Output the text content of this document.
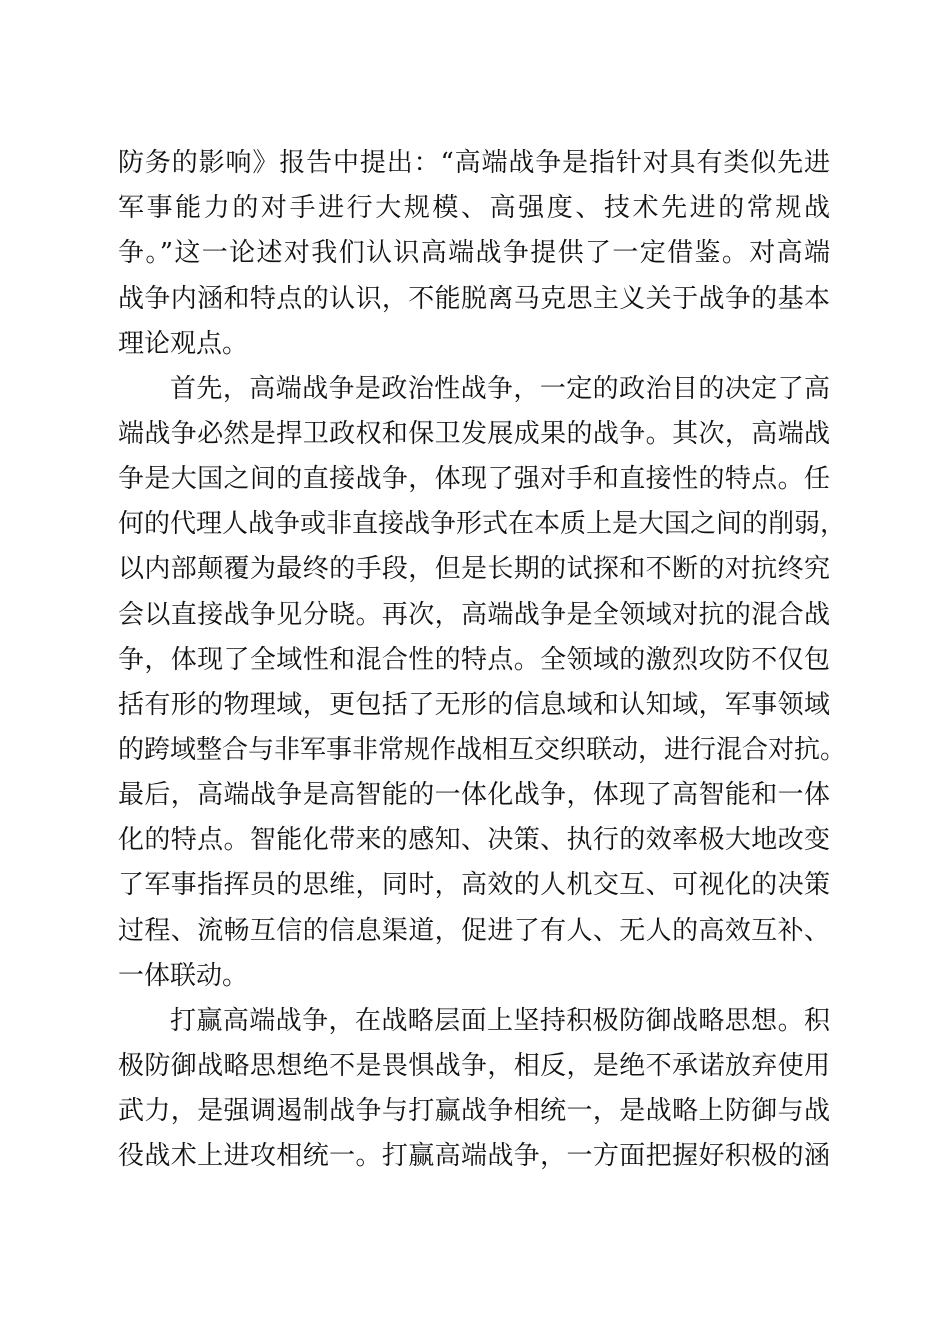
防务的影响》报告中提出：“高端战争是指针对具有类似先进
军事能力的对手进行大规模、高强度、技术先进的常规战
争。”这一论述对我们认识高端战争提供了一定借鉴。对高端
战争内涵和特点的认识，不能脱离马克思主义关于战争的基本
理论观点。
首先，高端战争是政治性战争，一定的政治目的决定了高
端战争必然是捍卫政权和保卫发展成果的战争。其次，高端战
争是大国之间的直接战争，体现了强对手和直接性的特点。任
何的代理人战争或非直接战争形式在本质上是大国之间的削弱，
以内部颠覆为最终的手段，但是长期的试探和不断的对抗终究
会以直接战争见分晓。再次，高端战争是全领域对抗的混合战
争，体现了全域性和混合性的特点。全领域的激烈攻防不仅包
括有形的物理域，更包括了无形的信息域和认知域，军事领域
的跨域整合与非军事非常规作战相互交织联动，进行混合对抗。
最后，高端战争是高智能的一体化战争，体现了高智能和一体
化的特点。智能化带来的感知、决策、执行的效率极大地改变
了军事指挥员的思维，同时，高效的人机交互、可视化的决策
过程、流畅互信的信息渠道，促进了有人、无人的高效互补、
一体联动。
打赢高端战争，在战略层面上坚持积极防御战略思想。积
极防御战略思想绝不是畏惧战争，相反，是绝不承诺放弃使用
武力，是强调遏制战争与打赢战争相统一，是战略上防御与战
役战术上进攻相统一。打赢高端战争，一方面把握好积极的涵
